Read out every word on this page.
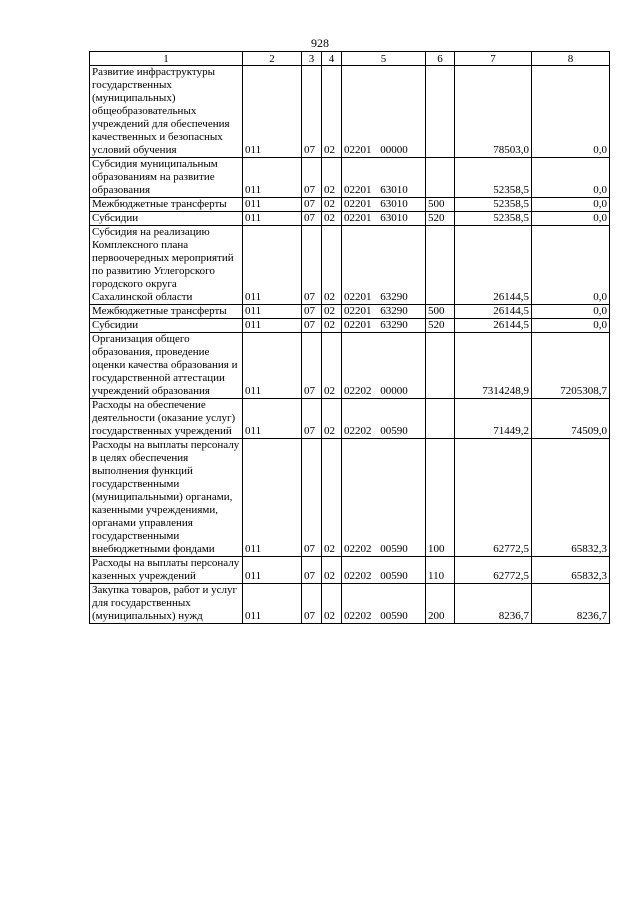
928
1	2	3	4	5	6	7	8
Развитие инфраструктуры государственных (муниципальных) общеобразовательных учреждений для обеспечения качественных и безопасных условий обучения	011	07	02	02201 00000		78503,0	0,0
Субсидия муниципальным образованиям на развитие образования	011	07	02	02201 63010		52358,5	0,0
Межбюджетные трансферты	011	07	02	02201 63010	500	52358,5	0,0
Субсидии	011	07	02	02201 63010	520	52358,5	0,0
Субсидия на реализацию Комплексного плана первоочередных мероприятий по развитию Углегорского городского округа Сахалинской области	011	07	02	02201 63290		26144,5	0,0
Межбюджетные трансферты	011	07	02	02201 63290	500	26144,5	0,0
Субсидии	011	07	02	02201 63290	520	26144,5	0,0
Организация общего образования, проведение оценки качества образования и государственной аттестации учреждений образования	011	07	02	02202 00000		7314248,9	7205308,7
Расходы на обеспечение деятельности (оказание услуг) государственных учреждений	011	07	02	02202 00590		71449,2	74509,0
Расходы на выплаты персоналу в целях обеспечения выполнения функций государственными (муниципальными) органами, казенными учреждениями, органами управления государственными внебюджетными фондами	011	07	02	02202 00590	100	62772,5	65832,3
Расходы на выплаты персоналу казенных учреждений	011	07	02	02202 00590	110	62772,5	65832,3
Закупка товаров, работ и услуг для государственных (муниципальных) нужд	011	07	02	02202 00590	200	8236,7	8236,7
